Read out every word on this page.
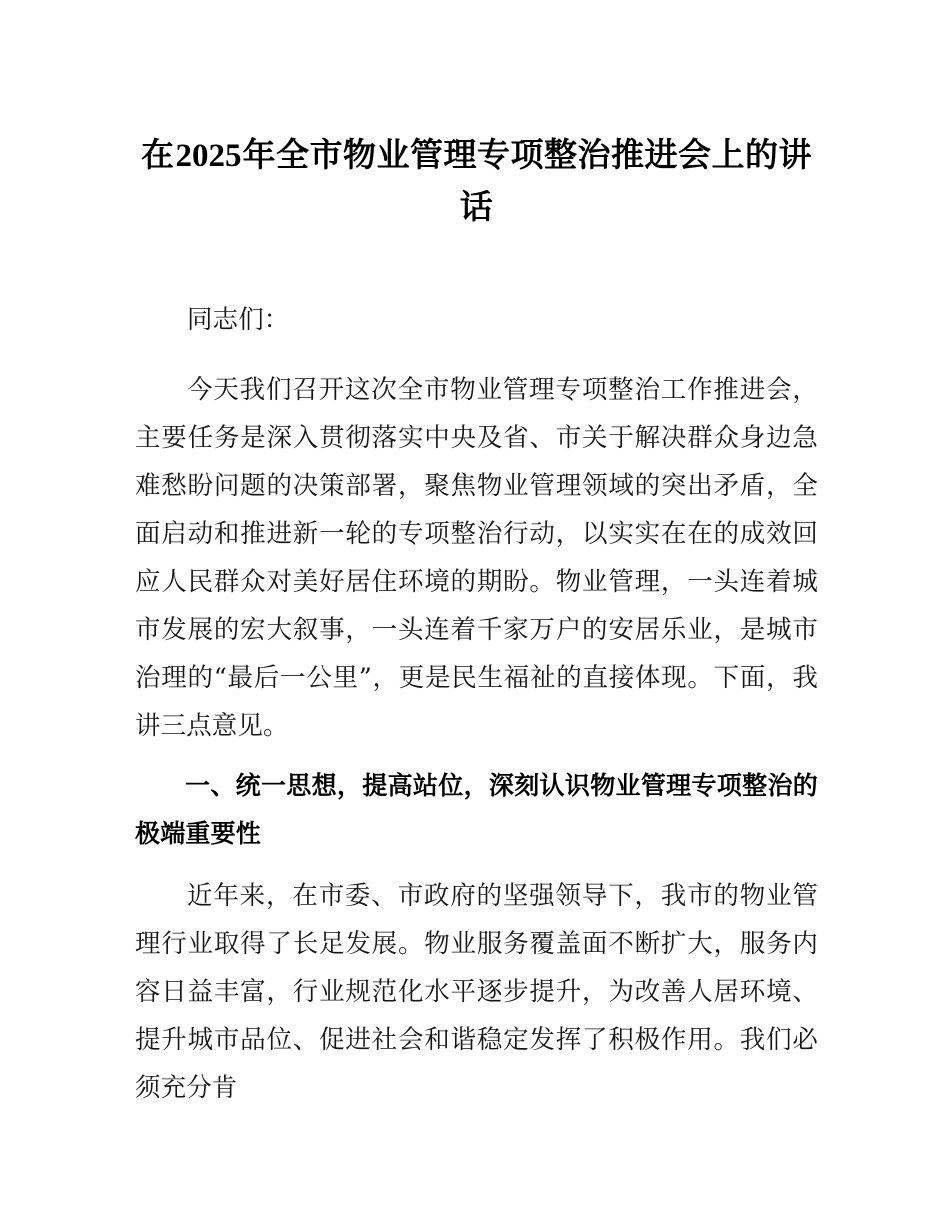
在2025年全市物业管理专项整治推进会上的讲话

同志们：

今天我们召开这次全市物业管理专项整治工作推进会，主要任务是深入贯彻落实中央及省、市关于解决群众身边急难愁盼问题的决策部署，聚焦物业管理领域的突出矛盾，全面启动和推进新一轮的专项整治行动，以实实在在的成效回应人民群众对美好居住环境的期盼。物业管理，一头连着城市发展的宏大叙事，一头连着千家万户的安居乐业，是城市治理的“最后一公里”，更是民生福祉的直接体现。下面，我讲三点意见。

一、统一思想，提高站位，深刻认识物业管理专项整治的极端重要性

近年来，在市委、市政府的坚强领导下，我市的物业管理行业取得了长足发展。物业服务覆盖面不断扩大，服务内容日益丰富，行业规范化水平逐步提升，为改善人居环境、提升城市品位、促进社会和谐稳定发挥了积极作用。我们必须充分肯
